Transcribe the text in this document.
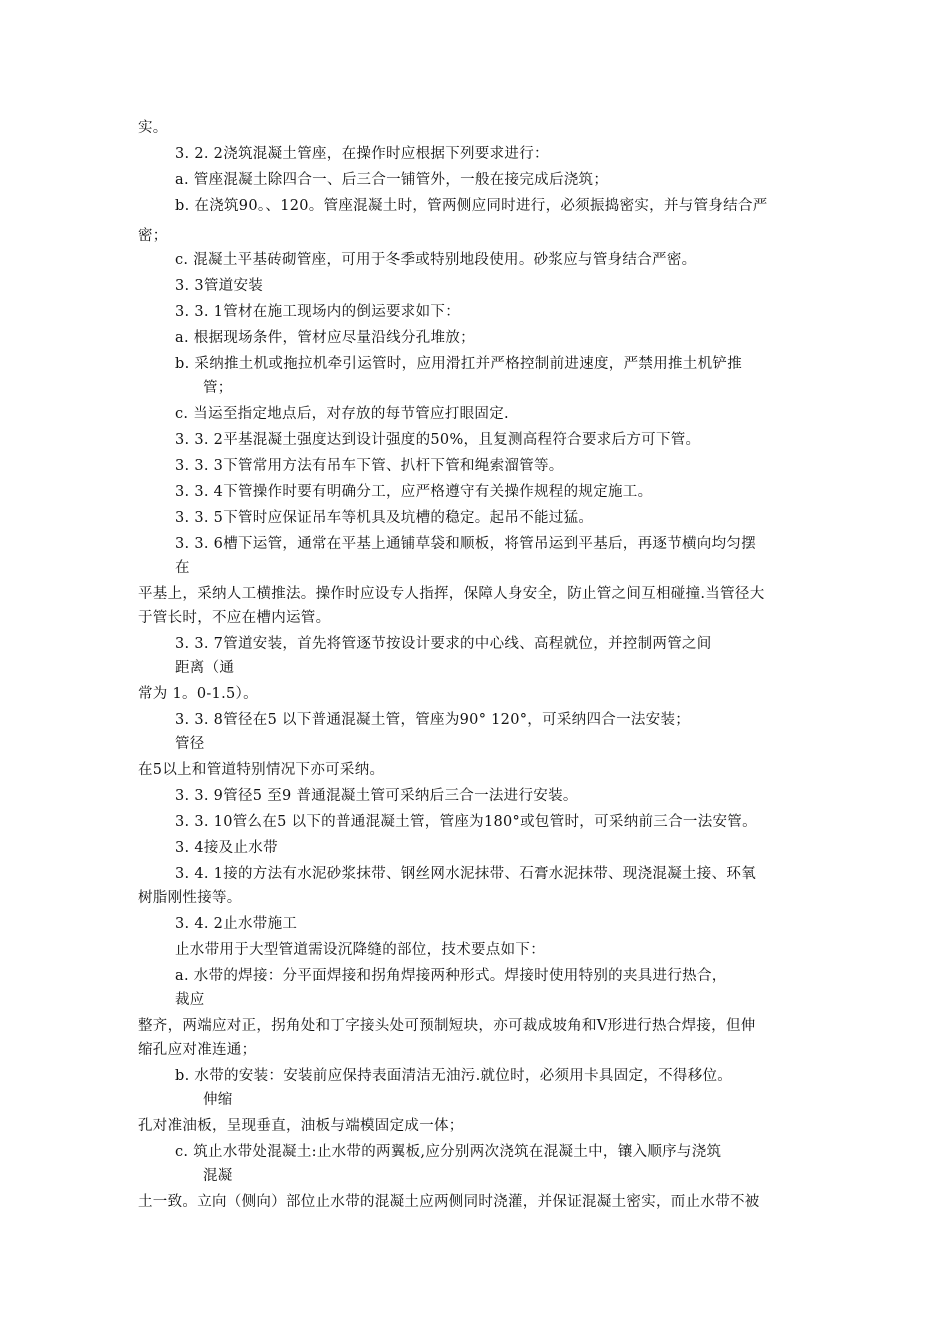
实。
3. 2. 2浇筑混凝土管座，在操作时应根据下列要求进行：
a. 管座混凝土除四合一、后三合一铺管外，一般在接完成后浇筑；
b. 在浇筑90。、120。管座混凝土时，管两侧应同时进行，必须振捣密实，并与管身结合严
密；
c. 混凝土平基砖砌管座，可用于冬季或特别地段使用。砂浆应与管身结合严密。
3. 3管道安装
3. 3. 1管材在施工现场内的倒运要求如下：
a. 根据现场条件，管材应尽量沿线分孔堆放；
b. 采纳推土机或拖拉机牵引运管时，应用滑扛并严格控制前进速度，严禁用推土机铲推
管；
c. 当运至指定地点后，对存放的每节管应打眼固定.
3. 3. 2平基混凝土强度达到设计强度的50%，且复测高程符合要求后方可下管。
3. 3. 3下管常用方法有吊车下管、扒杆下管和绳索溜管等。
3. 3. 4下管操作时要有明确分工，应严格遵守有关操作规程的规定施工。
3. 3. 5下管时应保证吊车等机具及坑槽的稳定。起吊不能过猛。
3. 3. 6槽下运管，通常在平基上通铺草袋和顺板，将管吊运到平基后，再逐节横向均匀摆
在
平基上，采纳人工横推法。操作时应设专人指挥，保障人身安全，防止管之间互相碰撞.当管径大
于管长时，不应在槽内运管。
3. 3. 7管道安装，首先将管逐节按设计要求的中心线、高程就位，并控制两管之间
距离（通
常为 1。0-1.5）。
3. 3. 8管径在5 以下普通混凝土管，管座为90° 120°，可采纳四合一法安装；
管径
在5以上和管道特别情况下亦可采纳。
3. 3. 9管径5 至9 普通混凝土管可采纳后三合一法进行安装。
3. 3. 10管么在5 以下的普通混凝土管，管座为180°或包管时，可采纳前三合一法安管。
3. 4接及止水带
3. 4. 1接的方法有水泥砂浆抹带、钢丝网水泥抹带、石膏水泥抹带、现浇混凝土接、环氧
树脂刚性接等。
3. 4. 2止水带施工
止水带用于大型管道需设沉降缝的部位，技术要点如下：
a. 水带的焊接：分平面焊接和拐角焊接两种形式。焊接时使用特别的夹具进行热合，
裁应
整齐，两端应对正，拐角处和丁字接头处可预制短块，亦可裁成坡角和Ⅴ形进行热合焊接，但伸
缩孔应对准连通；
b. 水带的安装：安装前应保持表面清洁无油污.就位时，必须用卡具固定，不得移位。
伸缩
孔对准油板，呈现垂直，油板与端模固定成一体；
c. 筑止水带处混凝土:止水带的两翼板,应分别两次浇筑在混凝土中，镶入顺序与浇筑
混凝
土一致。立向（侧向）部位止水带的混凝土应两侧同时浇灌，并保证混凝土密实，而止水带不被
